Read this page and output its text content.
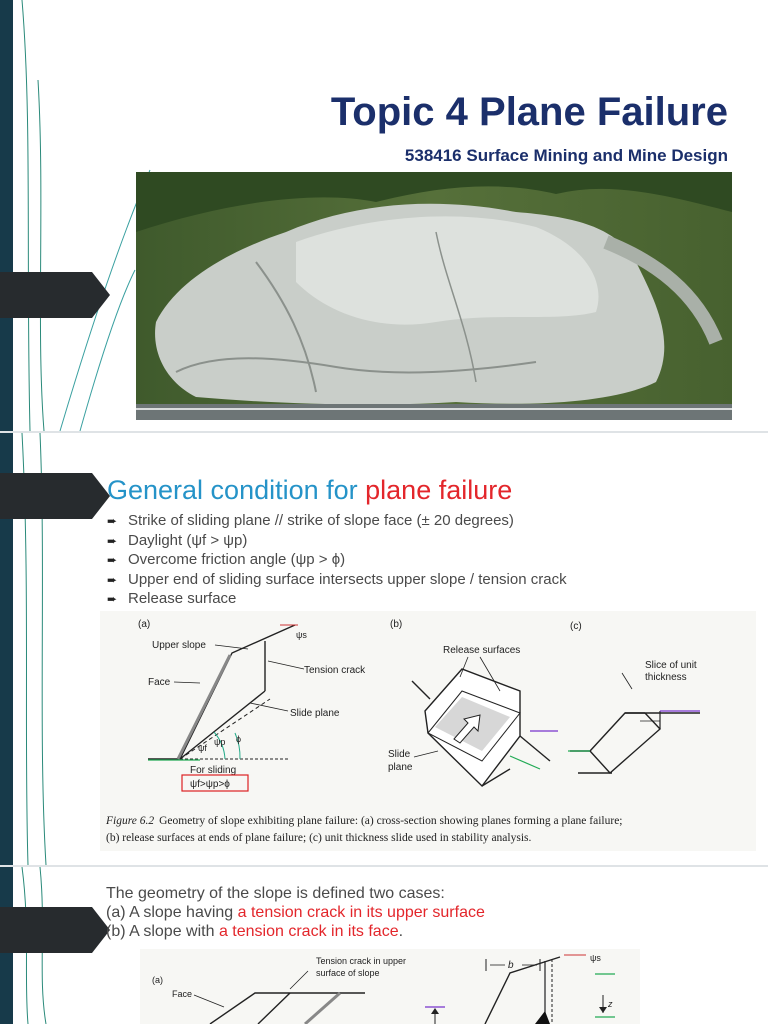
Topic 4 Plane Failure

538416 Surface Mining and Mine Design

General condition for plane failure
➨ Strike of sliding plane // strike of slope face (± 20 degrees)
➨ Daylight (ψf > ψp)
➨ Overcome friction angle (ψp > ϕ)
➨ Upper end of sliding surface intersects upper slope / tension crack
➨ Release surface
(a)
Upper slope
ψs
Tension crack
Face
Slide plane
ψf
ψp ϕ
For sliding
ψf>ψp>ϕ
(b)
Release surfaces
Slide
plane
(c)
Slice of unit
thickness
Figure 6.2 Geometry of slope exhibiting plane failure: (a) cross-section showing planes forming a plane failure;
(b) release surfaces at ends of plane failure; (c) unit thickness slide used in stability analysis.
The geometry of the slope is defined two cases:
(a) A slope having a tension crack in its upper surface
(b) A slope with a tension crack in its face.
(a)
Face
Tension crack in upper
surface of slope
b
ψs
z
